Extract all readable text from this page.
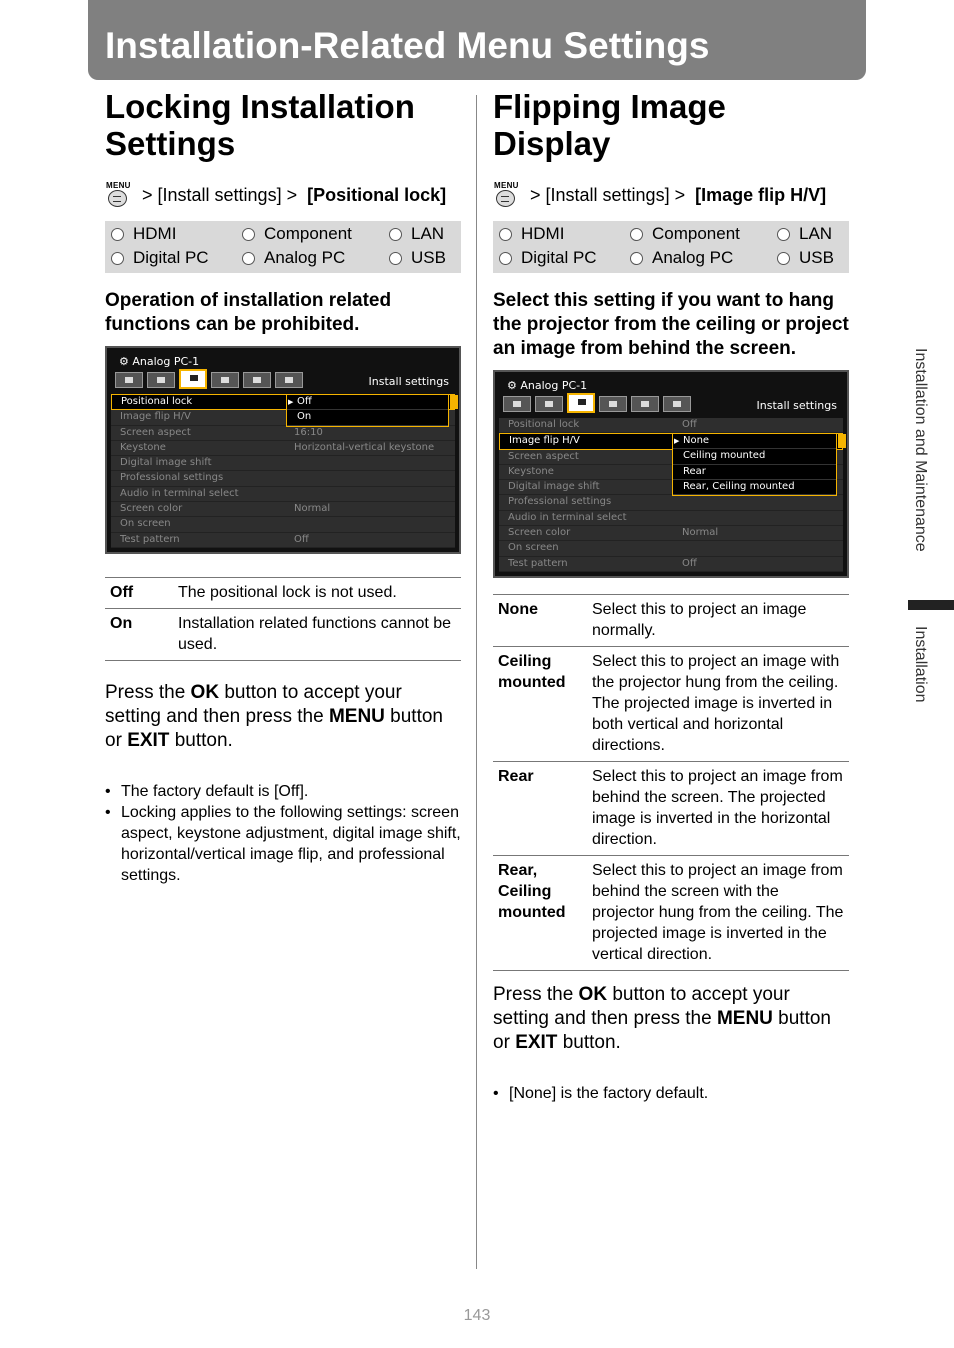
Installation-Related Menu Settings
Locking Installation
Settings
MENU > [Install settings] > [Positional lock]
HDMI	Component	LAN
Digital PC	Analog PC	USB
Operation of installation related functions can be prohibited.
⚙ Analog PC-1
Install settings
Positional lock
Image flip H/V
Screen aspect	16:10
Keystone	Horizontal-vertical keystone
Digital image shift
Professional settings
Audio in terminal select
Screen color	Normal
On screen
Test pattern	Off
▶ Off
On
Off	The positional lock is not used.
On	Installation related functions cannot be used.
Press the OK button to accept your setting and then press the MENU button or EXIT button.
• The factory default is [Off].
• Locking applies to the following settings: screen aspect, keystone adjustment, digital image shift, horizontal/vertical image flip, and professional settings.
Flipping Image
Display
MENU > [Install settings] > [Image flip H/V]
HDMI	Component	LAN
Digital PC	Analog PC	USB
Select this setting if you want to hang the projector from the ceiling or project an image from behind the screen.
⚙ Analog PC-1
Install settings
Positional lock	Off
Image flip H/V
Screen aspect
Keystone
Digital image shift
Professional settings
Audio in terminal select
Screen color	Normal
On screen
Test pattern	Off
▶ None
Ceiling mounted
Rear
Rear, Ceiling mounted
None	Select this to project an image normally.
Ceiling mounted	Select this to project an image with the projector hung from the ceiling. The projected image is inverted in both vertical and horizontal directions.
Rear	Select this to project an image from behind the screen. The projected image is inverted in the horizontal direction.
Rear, Ceiling mounted	Select this to project an image from behind the screen with the projector hung from the ceiling. The projected image is inverted in the vertical direction.
Press the OK button to accept your setting and then press the MENU button or EXIT button.
• [None] is the factory default.
Installation and Maintenance
Installation
143
